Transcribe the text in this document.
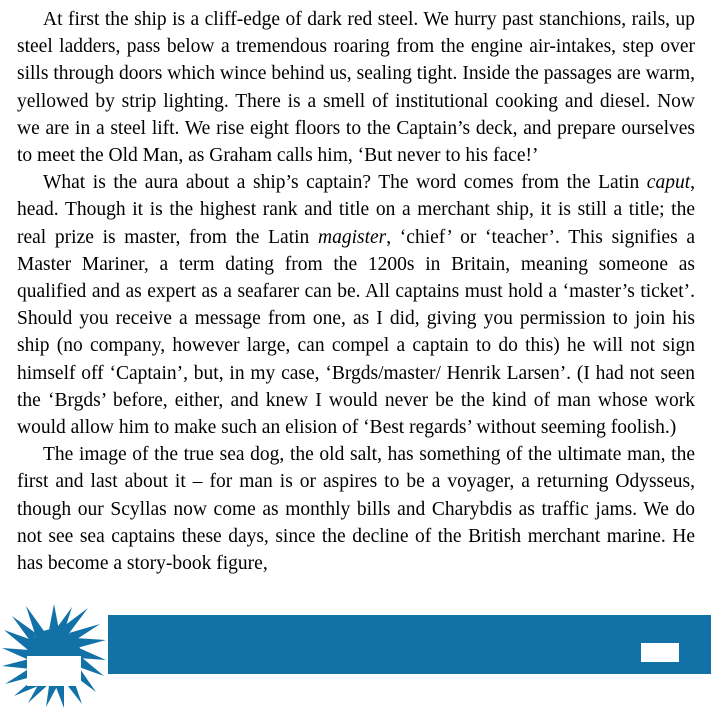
At first the ship is a cliff-edge of dark red steel. We hurry past stanchions, rails, up steel ladders, pass below a tremendous roaring from the engine air-intakes, step over sills through doors which wince behind us, sealing tight. Inside the passages are warm, yellowed by strip lighting. There is a smell of institutional cooking and diesel. Now we are in a steel lift. We rise eight floors to the Captain’s deck, and prepare ourselves to meet the Old Man, as Graham calls him, ‘But never to his face!’

What is the aura about a ship’s captain? The word comes from the Latin caput, head. Though it is the highest rank and title on a merchant ship, it is still a title; the real prize is master, from the Latin magister, ‘chief’ or ‘teacher’. This signifies a Master Mariner, a term dating from the 1200s in Britain, meaning someone as qualified and as expert as a seafarer can be. All captains must hold a ‘master’s ticket’. Should you receive a message from one, as I did, giving you permission to join his ship (no company, however large, can compel a captain to do this) he will not sign himself off ‘Captain’, but, in my case, ‘Brgds/master/ Henrik Larsen’. (I had not seen the ‘Brgds’ before, either, and knew I would never be the kind of man whose work would allow him to make such an elision of ‘Best regards’ without seeming foolish.)

The image of the true sea dog, the old salt, has something of the ultimate man, the first and last about it – for man is or aspires to be a voyager, a returning Odysseus, though our Scyllas now come as monthly bills and Charybdis as traffic jams. We do not see sea captains these days, since the decline of the British merchant marine. He has become a story-book figure,
